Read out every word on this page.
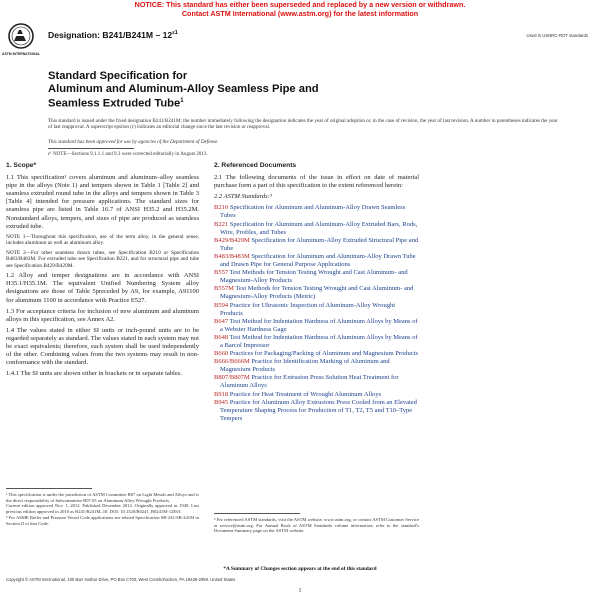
NOTICE: This standard has either been superseded and replaced by a new version or withdrawn.
Contact ASTM International (www.astm.org) for the latest information
ASTM INTERNATIONAL
Designation: $B241/B241M - 12^{\varepsilon 1}$	Used in USNRC-ROT standards
Standard Specification for
Aluminum and Aluminum-Alloy Seamless Pipe and
Seamless Extruded Tube$^1$
This standard is issued under the fixed designation B241/B241M; the number immediately following the designation indicates the year of original adoption or, in the case of revision, the year of last revision. A number in parentheses indicates the year of last reapproval. A superscript epsilon (ε) indicates an editorial change since the last revision or reapproval.
This standard has been approved for use by agencies of the Department of Defense.
ε¹ NOTE—Sections 9.1.1.1 and 9.3 were corrected editorially in August 2013.
1. Scope*

1.1 This specification¹ covers aluminum and aluminum–alloy seamless pipe in the alloys (Note 1) and tempers shown in Table 1 [Table 2] and seamless extruded round tube in the alloys and tempers shown in Table 3 [Table 4] intended for pressure applications. The standard sizes for seamless pipe are listed in Table 16.7 of ANSI H35.2 and H35.2M. Nonstandard alloys, tempers, and sizes of pipe are produced as seamless extruded tube.

NOTE 1—Throughout this specification, use of the term alloy, in the general sense, includes aluminum as well as aluminum alloy.

NOTE 2—For other seamless drawn tubes, see Specification B210 or Specification B483/B483M. For extruded tube see Specification B221, and for structural pipe and tube see Specification B429/B429M.

1.2 Alloy and temper designations are in accordance with ANSI H35.1/H35.1M. The equivalent Unified Numbering System alloy designations are those of Table 5preceded by A9, for example, A91100 for aluminum 1100 in accordance with Practice E527.

1.3 For acceptance criteria for inclusion of new aluminum and aluminum alloys in this specification, see Annex A2.

1.4 The values stated in either SI units or inch-pound units are to be regarded separately as standard. The values stated in each system may not be exact equivalents; therefore, each system shall be used independently of the other. Combining values from the two systems may result in non-conformance with the standard.

1.4.1 The SI units are shown either in brackets or in separate tables.

¹ This specification is under the jurisdiction of ASTM Committee B07 on Light Metals and Alloys and is the direct responsibility of Subcommittee B07.03 on Aluminum Alloy Wrought Products.
Current edition approved Nov. 1, 2012. Published December 2012. Originally approved in 1949. Last previous edition approved in 2010 as B241/B241M–10. DOI: 10.1520/B0241_B0241M-12E01.
² For ASME Boiler and Pressure Vessel Code applications see related Specification SB-241/SB-241M in Section II of that Code.
2. Referenced Documents

2.1 The following documents of the issue in effect on date of material purchase form a part of this specification to the extent referenced herein:

2.2 ASTM Standards:³

B210 Specification for Aluminum and Aluminum-Alloy Drawn Seamless Tubes
B221 Specification for Aluminum and Aluminum-Alloy Extruded Bars, Rods, Wire, Profiles, and Tubes
B429/B429M Specification for Aluminum-Alloy Extruded Structural Pipe and Tube
B483/B483M Specification for Aluminum and Aluminum-Alloy Drawn Tube and Drawn Pipe for General Purpose Applications
B557 Test Methods for Tension Testing Wrought and Cast Aluminum- and Magnesium-Alloy Products
B557M Test Methods for Tension Testing Wrought and Cast Aluminum- and Magnesium-Alloy Products (Metric)
B594 Practice for Ultrasonic Inspection of Aluminum-Alloy Wrought Products
B647 Test Method for Indentation Hardness of Aluminum Alloys by Means of a Webster Hardness Gage
B648 Test Method for Indentation Hardness of Aluminum Alloys by Means of a Barcol Impressor
B660 Practices for Packaging/Packing of Aluminum and Magnesium Products
B666/B666M Practice for Identification Marking of Aluminum and Magnesium Products
B807/B807M Practice for Extrusion Press Solution Heat Treatment for Aluminum Alloys
B918 Practice for Heat Treatment of Wrought Aluminum Alloys
B945 Practice for Aluminum Alloy Extrusions Press Cooled from an Elevated Temperature Shaping Process for Production of T1, T2, T5 and T10–Type Tempers
³ For referenced ASTM standards, visit the ASTM website, www.astm.org, or contact ASTM Customer Service at service@astm.org. For Annual Book of ASTM Standards volume information, refer to the standard's Document Summary page on the ASTM website.
*A Summary of Changes section appears at the end of this standard
Copyright © ASTM International, 100 Barr Harbor Drive, PO Box C700, West Conshohocken, PA 19428-2959. United States
1
